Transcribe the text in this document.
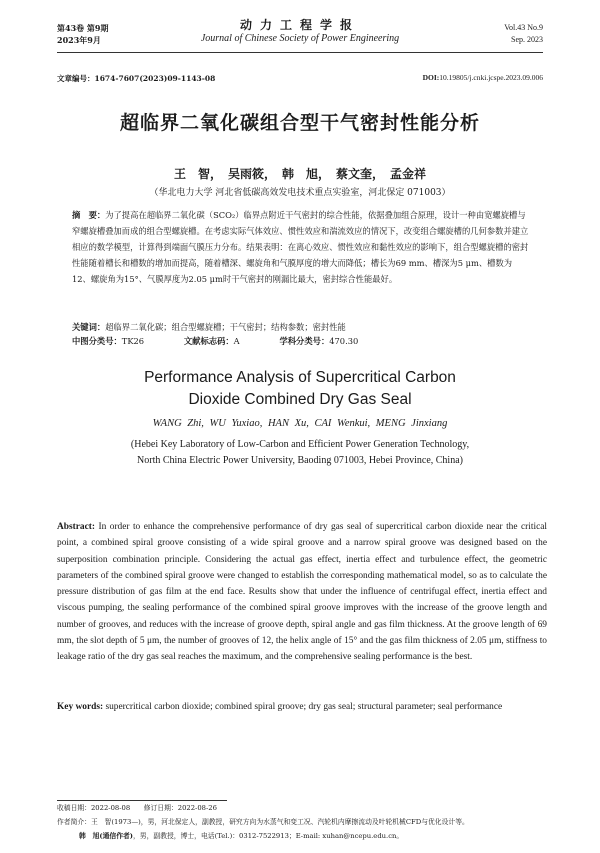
第43卷 第9期
2023年9月
动力工程学报
Journal of Chinese Society of Power Engineering
Vol.43 No.9
Sep. 2023
文章编号：1674-7607(2023)09-1143-08	DOI:10.19805/j.cnki.jcspe.2023.09.006
超临界二氧化碳组合型干气密封性能分析
王　智，　吴雨筱，　韩　旭，　蔡文奎，　孟金祥
（华北电力大学 河北省低碳高效发电技术重点实验室，河北保定 071003）
摘　要：为了提高在超临界二氧化碳（SCO₂）临界点附近干气密封的综合性能，依据叠加组合原理，设计一种由宽螺旋槽与窄螺旋槽叠加而成的组合型螺旋槽。在考虑实际气体效应、惯性效应和湍流效应的情况下，改变组合螺旋槽的几何参数并建立相应的数学模型，计算得到端面气膜压力分布。结果表明：在离心效应、惯性效应和黏性效应的影响下，组合型螺旋槽的密封性能随着槽长和槽数的增加而提高，随着槽深、螺旋角和气膜厚度的增大而降低；槽长为69 mm、槽深为5 μm、槽数为12、螺旋角为15°、气膜厚度为2.05 μm时干气密封的刚漏比最大，密封综合性能最好。
关键词：超临界二氧化碳；组合型螺旋槽；干气密封；结构参数；密封性能
中图分类号：TK26	文献标志码：A	学科分类号：470.30
Performance Analysis of Supercritical Carbon
Dioxide Combined Dry Gas Seal
WANG Zhi, WU Yuxiao, HAN Xu, CAI Wenkui, MENG Jinxiang
(Hebei Key Laboratory of Low-Carbon and Efficient Power Generation Technology,
North China Electric Power University, Baoding 071003, Hebei Province, China)
Abstract: In order to enhance the comprehensive performance of dry gas seal of supercritical carbon dioxide near the critical point, a combined spiral groove consisting of a wide spiral groove and a narrow spiral groove was designed based on the superposition combination principle. Considering the actual gas effect, inertia effect and turbulence effect, the geometric parameters of the combined spiral groove were changed to establish the corresponding mathematical model, so as to calculate the pressure distribution of gas film at the end face. Results show that under the influence of centrifugal effect, inertia effect and viscous pumping, the sealing performance of the combined spiral groove improves with the increase of the groove length and number of grooves, and reduces with the increase of groove depth, spiral angle and gas film thickness. At the groove length of 69 mm, the slot depth of 5 μm, the number of grooves of 12, the helix angle of 15° and the gas film thickness of 2.05 μm, stiffness to leakage ratio of the dry gas seal reaches the maximum, and the comprehensive sealing performance is the best.
Key words: supercritical carbon dioxide; combined spiral groove; dry gas seal; structural parameter; seal performance
收稿日期：2022-08-08　　修订日期：2022-08-26
作者简介：王　智(1973—)，男，河北保定人，副教授，研究方向为水蒸气和变工况、汽轮机内摩擦流动及叶轮机械CFD与优化设计等。
韩　旭(通信作者)，男，副教授，博士，电话(Tel.)：0312-7522913；E-mail: xuhan@ncepu.edu.cn。
